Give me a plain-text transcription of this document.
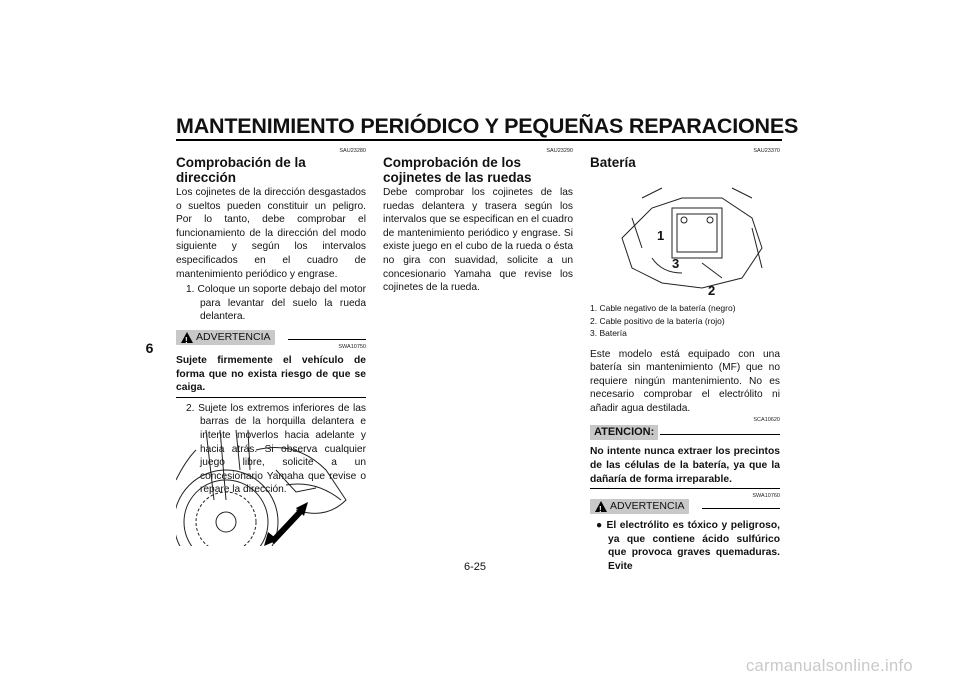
MANTENIMIENTO PERIÓDICO Y PEQUEÑAS REPARACIONES
6
SAU23280
Comprobación de la dirección

Los cojinetes de la dirección desgastados o sueltos pueden constituir un peligro. Por lo tanto, debe comprobar el funcionamiento de la dirección del modo siguiente y según los intervalos especificados en el cuadro de mantenimiento periódico y engrase.

1. Coloque un soporte debajo del motor para levantar del suelo la rueda delantera.
!
ADVERTENCIA
SWA10750

Sujete firmemente el vehículo de forma que no exista riesgo de que se caiga.

2. Sujete los extremos inferiores de las barras de la horquilla delantera e intente moverlos hacia adelante y hacia atrás. Si observa cualquier juego libre, solicite a un concesionario Yamaha que revise o repare la dirección.
SAU23290
Comprobación de los cojinetes de las ruedas

Debe comprobar los cojinetes de las ruedas delantera y trasera según los intervalos que se especifican en el cuadro de mantenimiento periódico y engrase. Si existe juego en el cubo de la rueda o ésta no gira con suavidad, solicite a un concesionario Yamaha que revise los cojinetes de la rueda.

SAU23370
Batería
1
2
3
1. Cable negativo de la batería (negro)
2. Cable positivo de la batería (rojo)
3. Batería

Este modelo está equipado con una batería sin mantenimiento (MF) que no requiere ningún mantenimiento. No es necesario comprobar el electrólito ni añadir agua destilada.

SCA10620
ATENCION:

No intente nunca extraer los precintos de las células de la batería, ya que la dañaría de forma irreparable.

SWA10760
!
ADVERTENCIA

● El electrólito es tóxico y peligroso, ya que contiene ácido sulfúrico que provoca graves quemaduras. Evite

6-25
carmanualsonline.info
